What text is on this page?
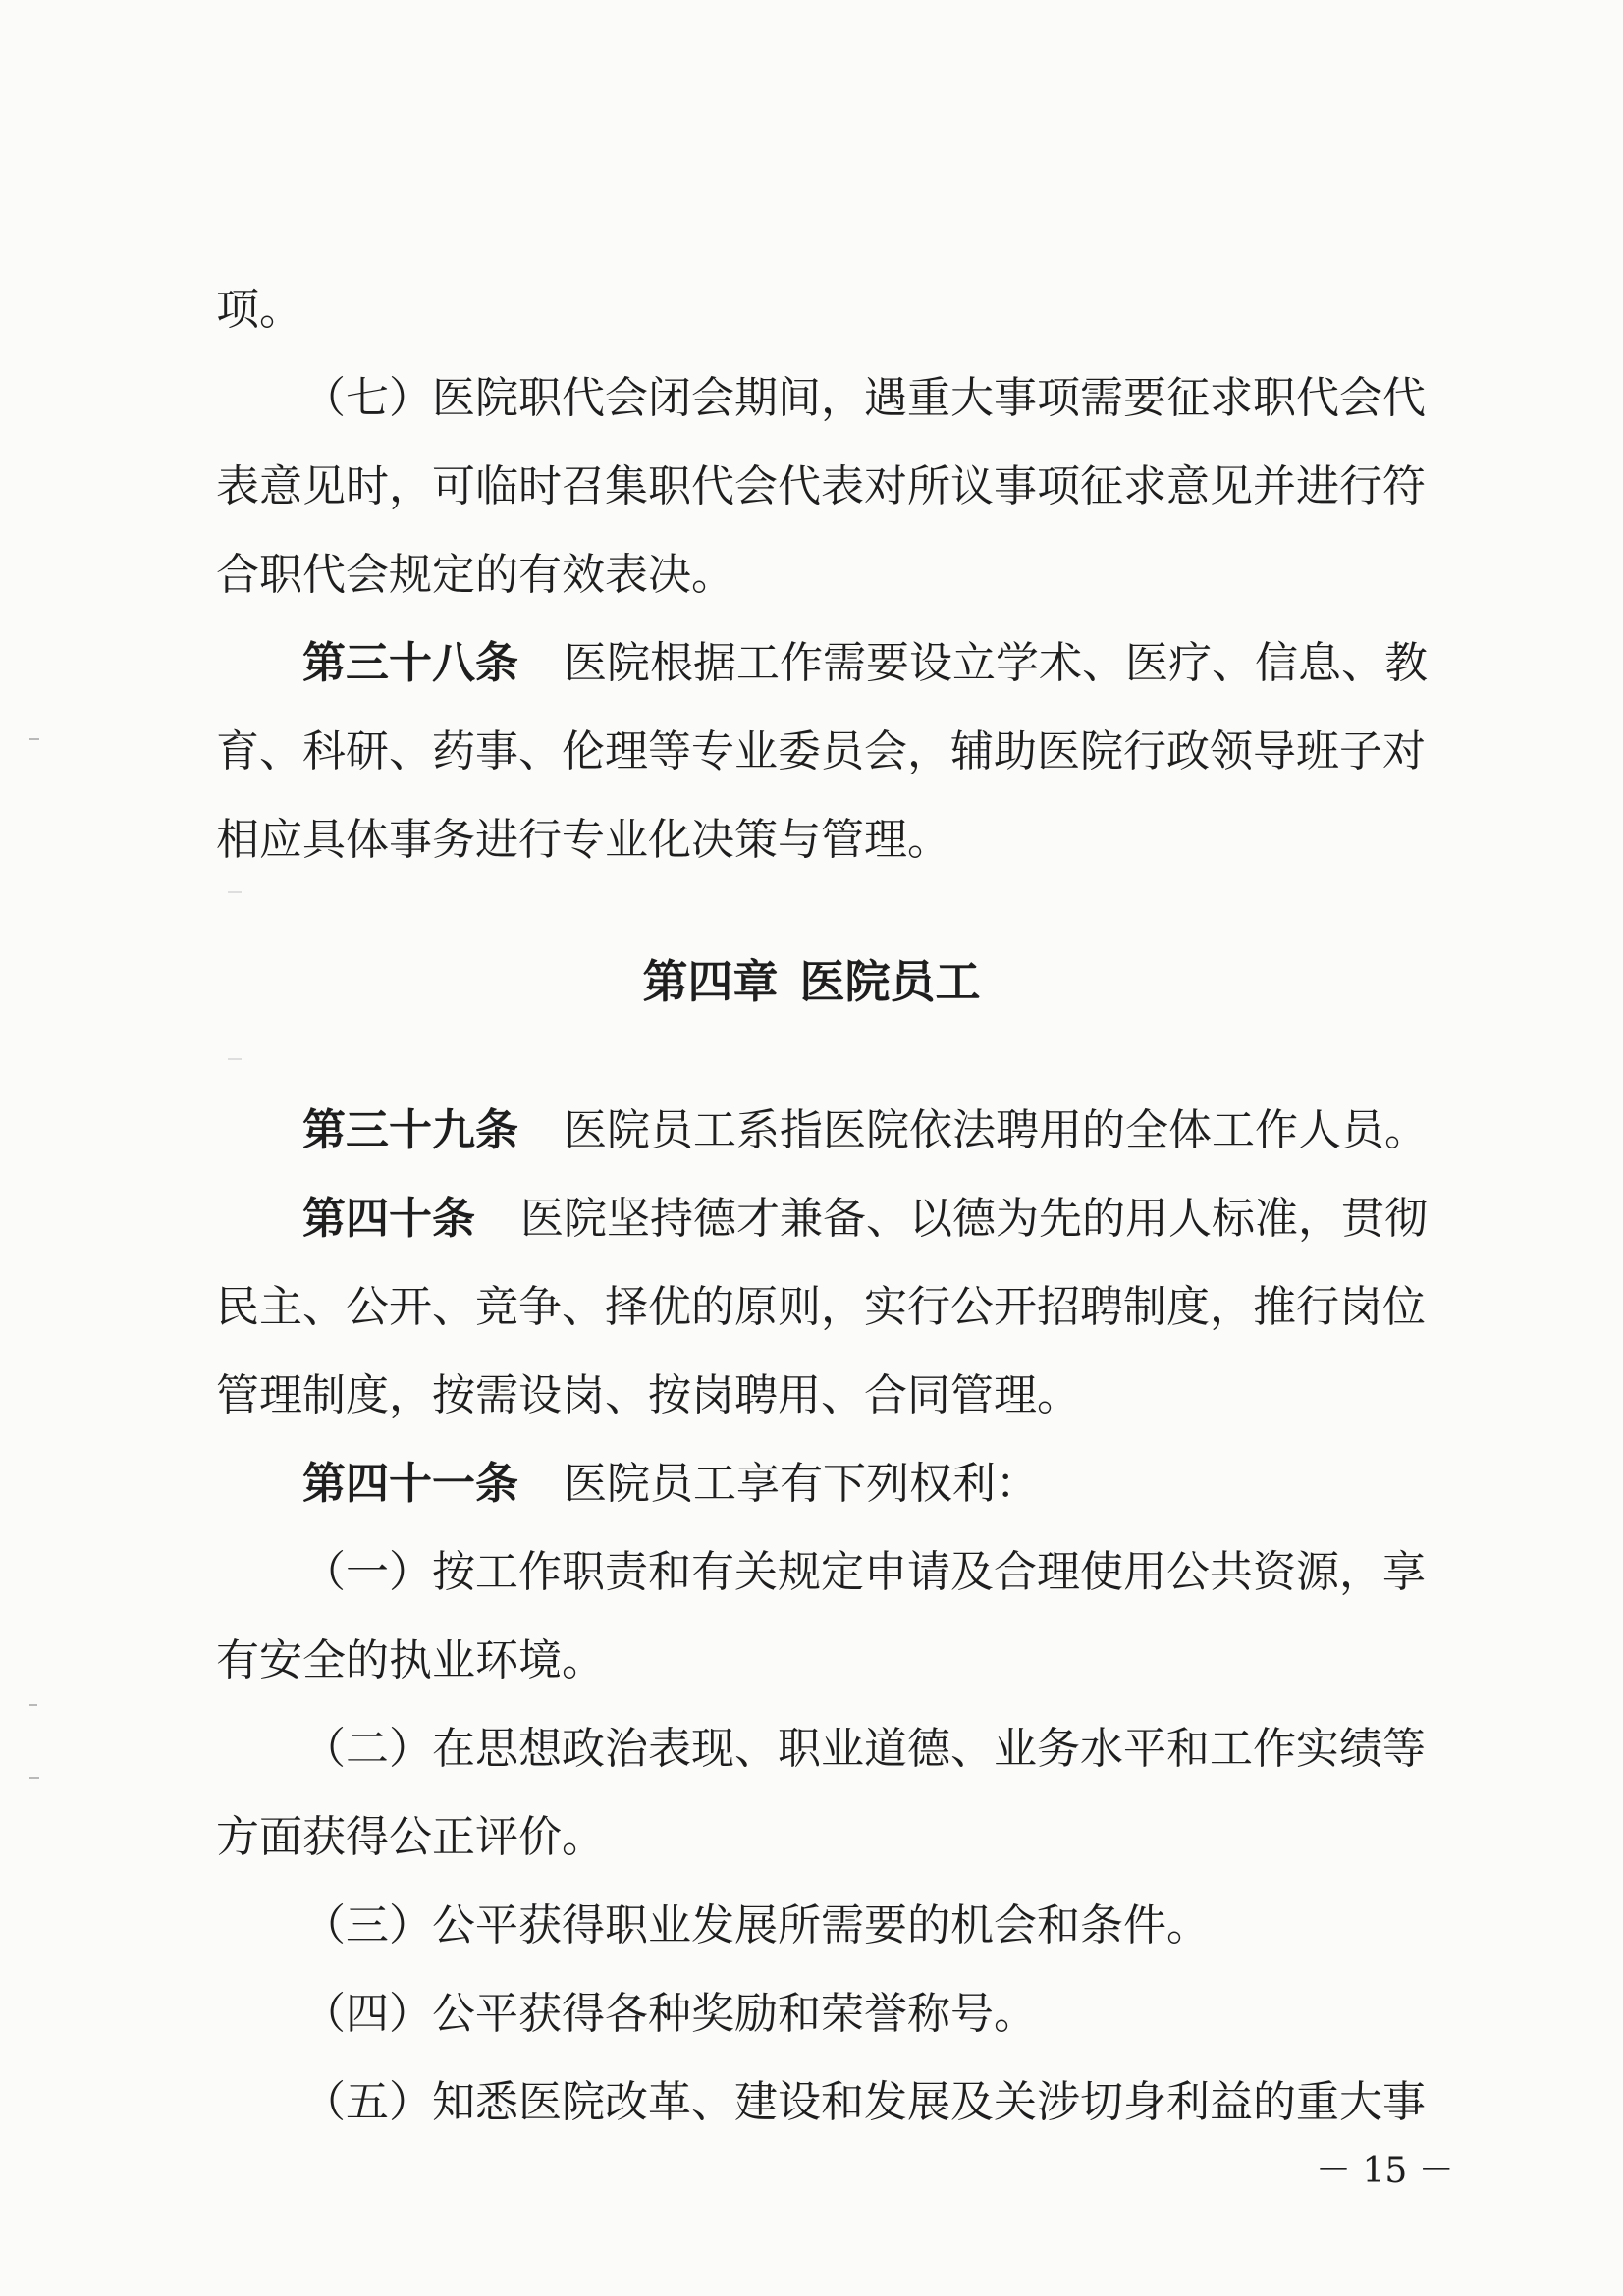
项。
（七）医院职代会闭会期间，遇重大事项需要征求职代会代
表意见时，可临时召集职代会代表对所议事项征求意见并进行符
合职代会规定的有效表决。
第三十八条 医院根据工作需要设立学术、医疗、信息、教
育、科研、药事、伦理等专业委员会，辅助医院行政领导班子对
相应具体事务进行专业化决策与管理。
第四章 医院员工
第三十九条 医院员工系指医院依法聘用的全体工作人员。
第四十条 医院坚持德才兼备、以德为先的用人标准，贯彻
民主、公开、竞争、择优的原则，实行公开招聘制度，推行岗位
管理制度，按需设岗、按岗聘用、合同管理。
第四十一条 医院员工享有下列权利：
（一）按工作职责和有关规定申请及合理使用公共资源，享
有安全的执业环境。
（二）在思想政治表现、职业道德、业务水平和工作实绩等
方面获得公正评价。
（三）公平获得职业发展所需要的机会和条件。
（四）公平获得各种奖励和荣誉称号。
（五）知悉医院改革、建设和发展及关涉切身利益的重大事
－ 15 －
